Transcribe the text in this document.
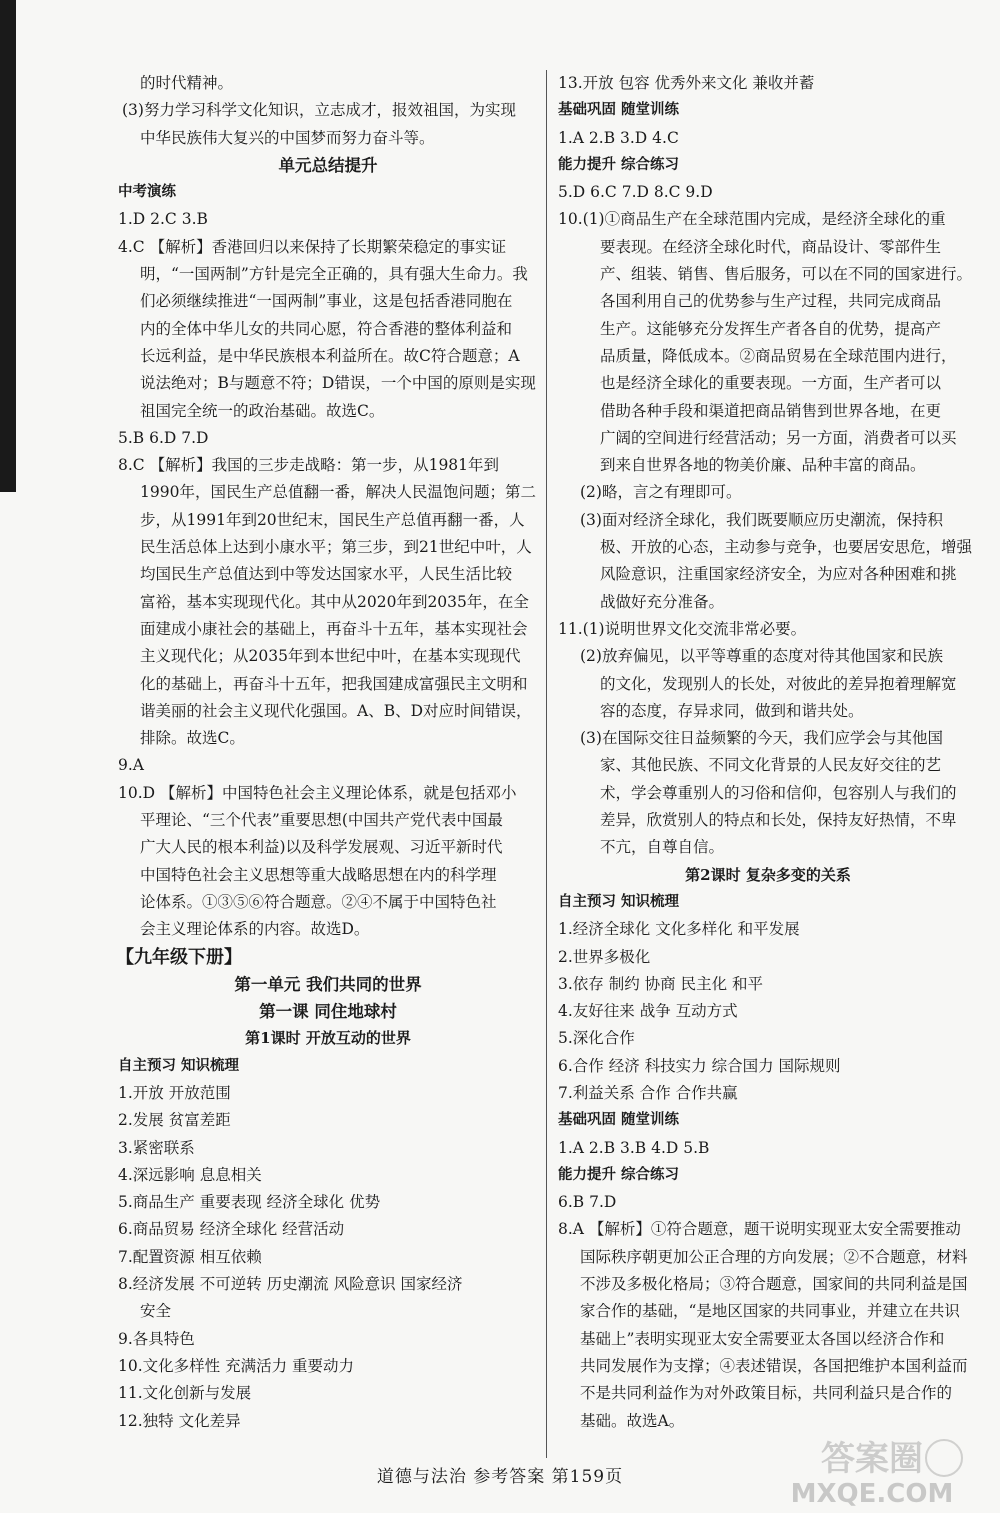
的时代精神。
(3)努力学习科学文化知识，立志成才，报效祖国，为实现
中华民族伟大复兴的中国梦而努力奋斗等。
单元总结提升
中考演练
1.D 2.C 3.B
4.C 【解析】香港回归以来保持了长期繁荣稳定的事实证
明，“一国两制”方针是完全正确的，具有强大生命力。我
们必须继续推进“一国两制”事业，这是包括香港同胞在
内的全体中华儿女的共同心愿，符合香港的整体利益和
长远利益，是中华民族根本利益所在。故C符合题意；A
说法绝对；B与题意不符；D错误，一个中国的原则是实现
祖国完全统一的政治基础。故选C。
5.B 6.D 7.D
8.C 【解析】我国的三步走战略：第一步，从1981年到
1990年，国民生产总值翻一番，解决人民温饱问题；第二
步，从1991年到20世纪末，国民生产总值再翻一番，人
民生活总体上达到小康水平；第三步，到21世纪中叶，人
均国民生产总值达到中等发达国家水平，人民生活比较
富裕，基本实现现代化。其中从2020年到2035年，在全
面建成小康社会的基础上，再奋斗十五年，基本实现社会
主义现代化；从2035年到本世纪中叶，在基本实现现代
化的基础上，再奋斗十五年，把我国建成富强民主文明和
谐美丽的社会主义现代化强国。A、B、D对应时间错误，
排除。故选C。
9.A
10.D 【解析】中国特色社会主义理论体系，就是包括邓小
平理论、“三个代表”重要思想(中国共产党代表中国最
广大人民的根本利益)以及科学发展观、习近平新时代
中国特色社会主义思想等重大战略思想在内的科学理
论体系。①③⑤⑥符合题意。②④不属于中国特色社
会主义理论体系的内容。故选D。
【九年级下册】
第一单元 我们共同的世界
第一课 同住地球村
第1课时 开放互动的世界
自主预习 知识梳理
1.开放 开放范围
2.发展 贫富差距
3.紧密联系
4.深远影响 息息相关
5.商品生产 重要表现 经济全球化 优势
6.商品贸易 经济全球化 经营活动
7.配置资源 相互依赖
8.经济发展 不可逆转 历史潮流 风险意识 国家经济
安全
9.各具特色
10.文化多样性 充满活力 重要动力
11.文化创新与发展
12.独特 文化差异
13.开放 包容 优秀外来文化 兼收并蓄
基础巩固 随堂训练
1.A 2.B 3.D 4.C
能力提升 综合练习
5.D 6.C 7.D 8.C 9.D
10.(1)①商品生产在全球范围内完成，是经济全球化的重
要表现。在经济全球化时代，商品设计、零部件生
产、组装、销售、售后服务，可以在不同的国家进行。
各国利用自己的优势参与生产过程，共同完成商品
生产。这能够充分发挥生产者各自的优势，提高产
品质量，降低成本。②商品贸易在全球范围内进行，
也是经济全球化的重要表现。一方面，生产者可以
借助各种手段和渠道把商品销售到世界各地，在更
广阔的空间进行经营活动；另一方面，消费者可以买
到来自世界各地的物美价廉、品种丰富的商品。
(2)略，言之有理即可。
(3)面对经济全球化，我们既要顺应历史潮流，保持积
极、开放的心态，主动参与竞争，也要居安思危，增强
风险意识，注重国家经济安全，为应对各种困难和挑
战做好充分准备。
11.(1)说明世界文化交流非常必要。
(2)放弃偏见，以平等尊重的态度对待其他国家和民族
的文化，发现别人的长处，对彼此的差异抱着理解宽
容的态度，存异求同，做到和谐共处。
(3)在国际交往日益频繁的今天，我们应学会与其他国
家、其他民族、不同文化背景的人民友好交往的艺
术，学会尊重别人的习俗和信仰，包容别人与我们的
差异，欣赏别人的特点和长处，保持友好热情，不卑
不亢，自尊自信。
第2课时 复杂多变的关系
自主预习 知识梳理
1.经济全球化 文化多样化 和平发展
2.世界多极化
3.依存 制约 协商 民主化 和平
4.友好往来 战争 互动方式
5.深化合作
6.合作 经济 科技实力 综合国力 国际规则
7.利益关系 合作 合作共赢
基础巩固 随堂训练
1.A 2.B 3.B 4.D 5.B
能力提升 综合练习
6.B 7.D
8.A 【解析】①符合题意，题干说明实现亚太安全需要推动
国际秩序朝更加公正合理的方向发展；②不合题意，材料
不涉及多极化格局；③符合题意，国家间的共同利益是国
家合作的基础，“是地区国家的共同事业，并建立在共识
基础上”表明实现亚太安全需要亚太各国以经济合作和
共同发展作为支撑；④表述错误，各国把维护本国利益而
不是共同利益作为对外政策目标，共同利益只是合作的
基础。故选A。
道德与法治 参考答案 第159页	答案圈
MXQE.COM
